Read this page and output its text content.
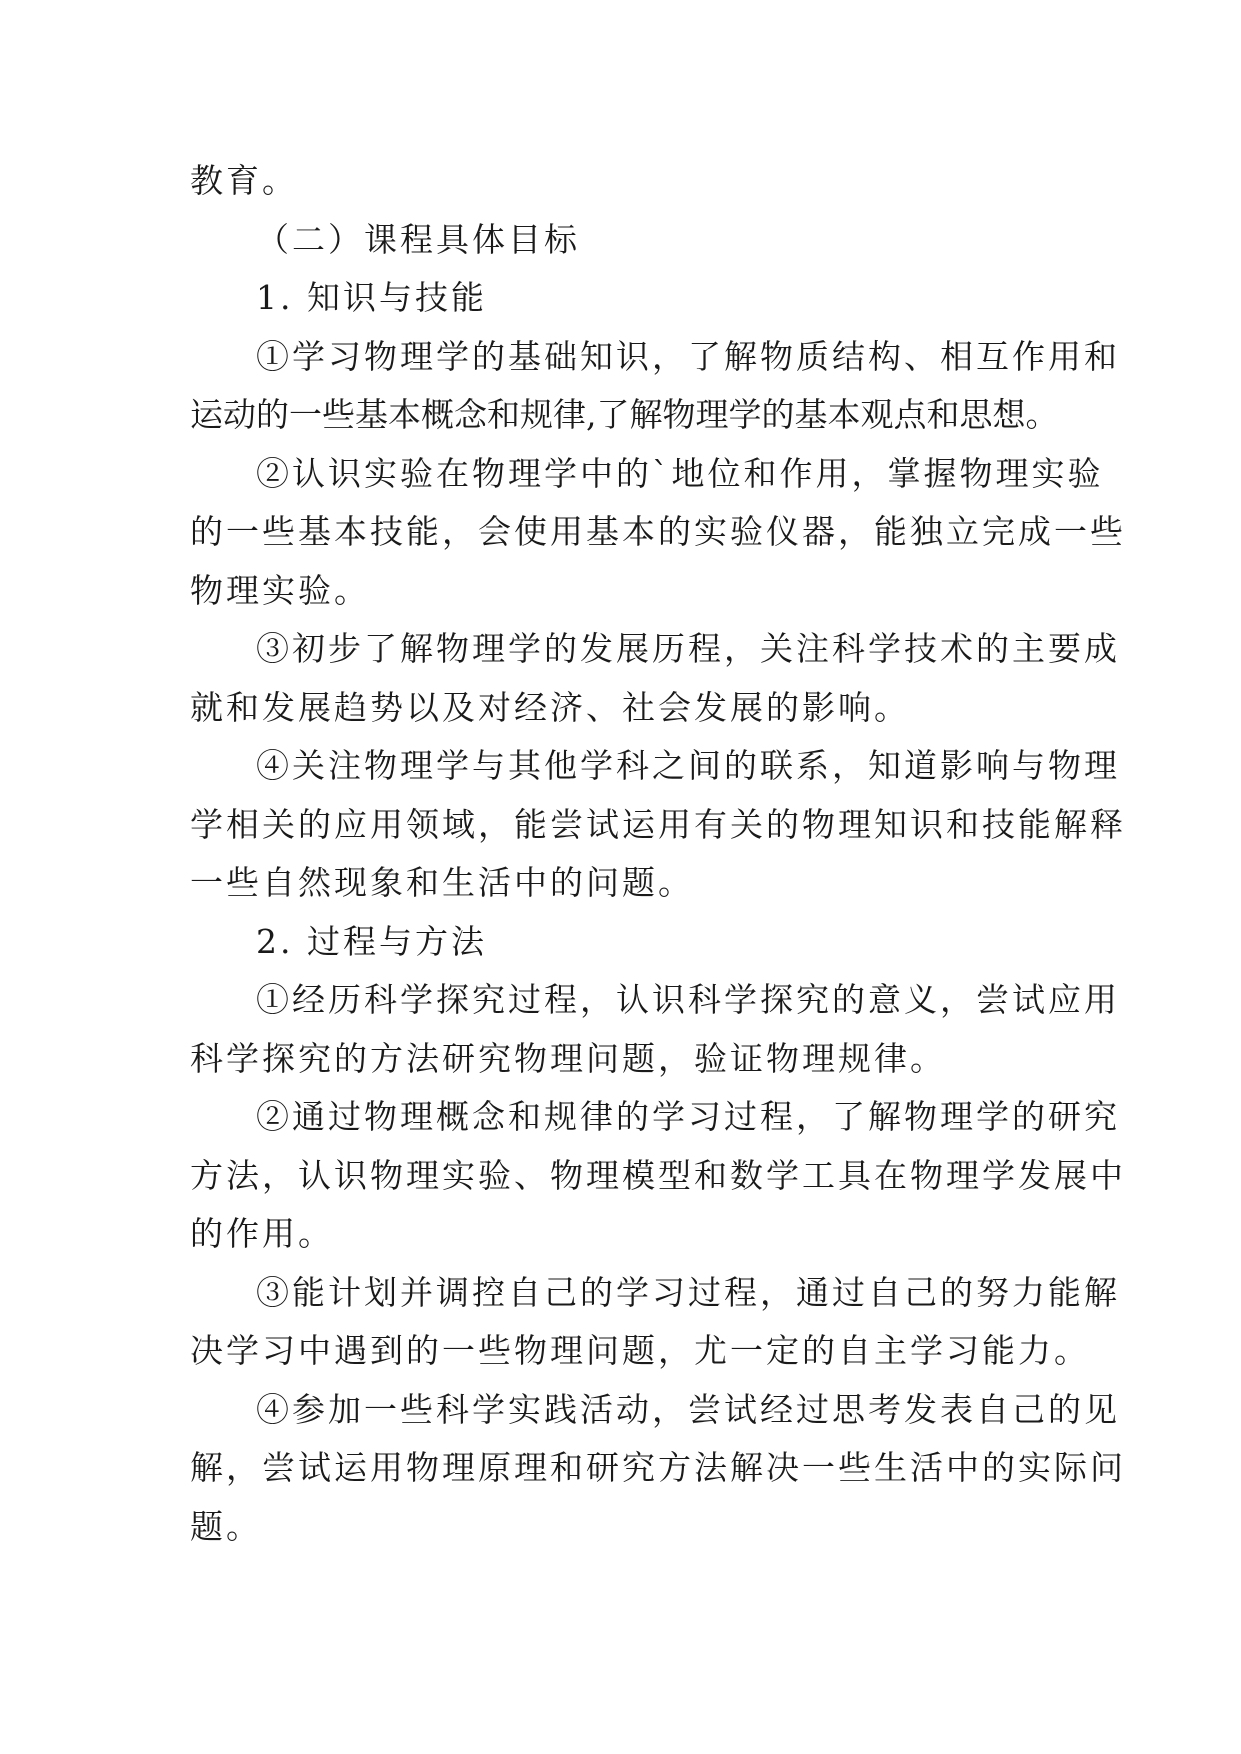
教育。
（二）课程具体目标
1. 知识与技能
①学习物理学的基础知识，了解物质结构、相互作用和
运动的一些基本概念和规律,了解物理学的基本观点和思想。
②认识实验在物理学中的`地位和作用，掌握物理实验
的一些基本技能，会使用基本的实验仪器，能独立完成一些
物理实验。
③初步了解物理学的发展历程，关注科学技术的主要成
就和发展趋势以及对经济、社会发展的影响。
④关注物理学与其他学科之间的联系，知道影响与物理
学相关的应用领域，能尝试运用有关的物理知识和技能解释
一些自然现象和生活中的问题。
2. 过程与方法
①经历科学探究过程，认识科学探究的意义，尝试应用
科学探究的方法研究物理问题，验证物理规律。
②通过物理概念和规律的学习过程，了解物理学的研究
方法，认识物理实验、物理模型和数学工具在物理学发展中
的作用。
③能计划并调控自己的学习过程，通过自己的努力能解
决学习中遇到的一些物理问题，尤一定的自主学习能力。
④参加一些科学实践活动，尝试经过思考发表自己的见
解，尝试运用物理原理和研究方法解决一些生活中的实际问
题。
